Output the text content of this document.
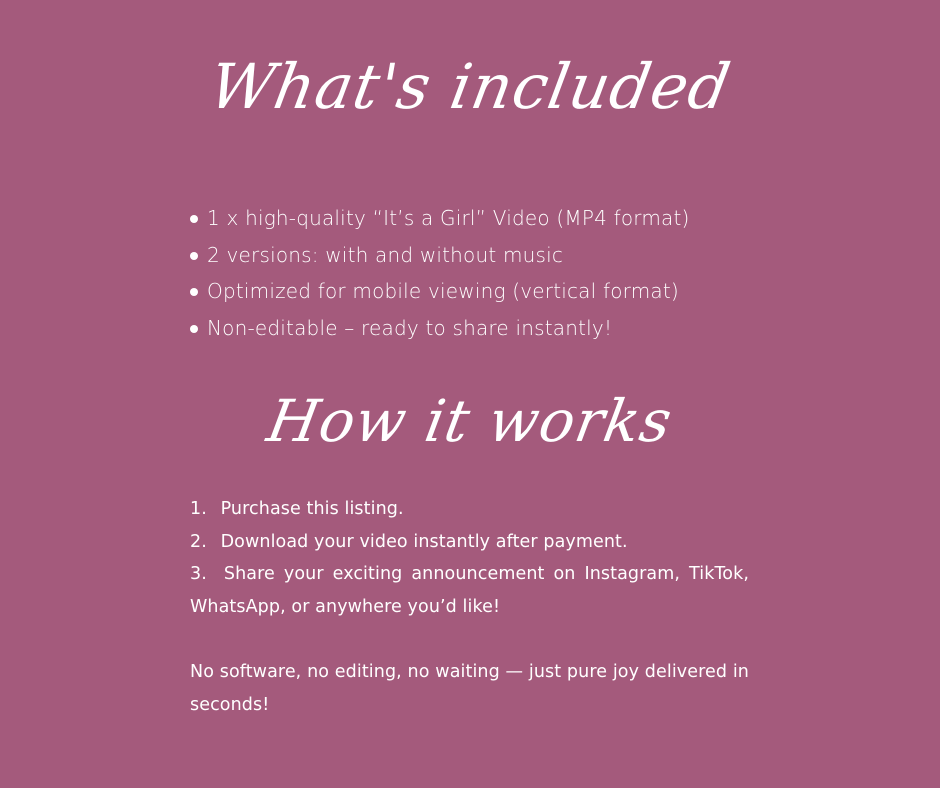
What's included
1 x high-quality “It’s a Girl” Video (MP4 format)
2 versions: with and without music
Optimized for mobile viewing (vertical format)
Non-editable – ready to share instantly!
How it works
1. Purchase this listing.
2. Download your video instantly after payment.
3. Share your exciting announcement on Instagram, TikTok, WhatsApp, or anywhere you’d like!

No software, no editing, no waiting — just pure joy delivered in seconds!
